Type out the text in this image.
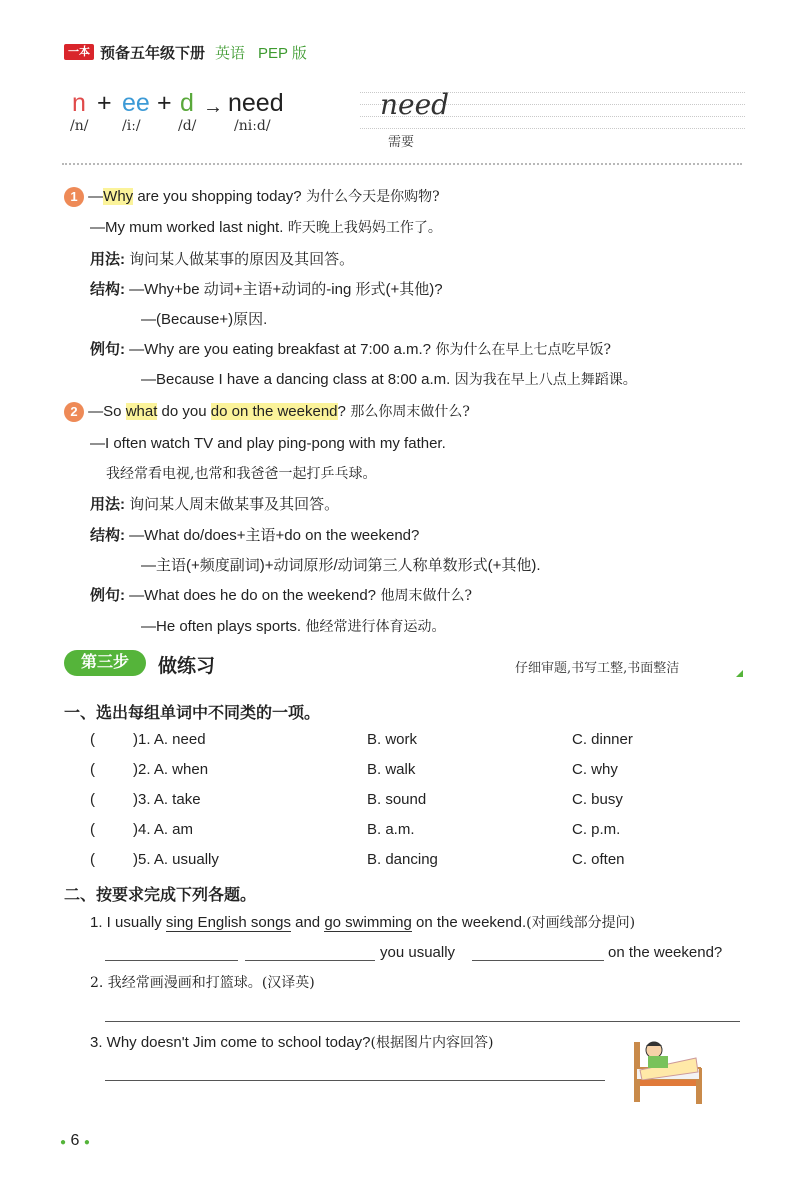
一本 预备五年级下册 英语 PEP 版
n + ee + d → need
/n/ /iː/	/d/	/niːd/
need
需要
1 —Why are you shopping today? 为什么今天是你购物?
—My mum worked last night. 昨天晚上我妈妈工作了。
用法: 询问某人做某事的原因及其回答。
结构: —Why+be 动词+主语+动词的-ing 形式(+其他)?
—(Because+)原因.
例句: —Why are you eating breakfast at 7:00 a.m.? 你为什么在早上七点吃早饭?
—Because I have a dancing class at 8:00 a.m. 因为我在早上八点上舞蹈课。
2 —So what do you do on the weekend? 那么你周末做什么?
—I often watch TV and play ping-pong with my father.
我经常看电视,也常和我爸爸一起打乒乓球。
用法: 询问某人周末做某事及其回答。
结构: —What do/does+主语+do on the weekend?
—主语(+频度副词)+动词原形/动词第三人称单数形式(+其他).
例句: —What does he do on the weekend? 他周末做什么?
—He often plays sports. 他经常进行体育运动。
第三步	做练习	仔细审题,书写工整,书面整洁
一、选出每组单词中不同类的一项。
(	)1. A. need	B. work	C. dinner
(	)2. A. when	B. walk	C. why
(	)3. A. take	B. sound	C. busy
(	)4. A. am	B. a.m.	C. p.m.
(	)5. A. usually	B. dancing	C. often
二、按要求完成下列各题。
1. I usually sing English songs and go swimming on the weekend.(对画线部分提问)
you usually	on the weekend?
2. 我经常画漫画和打篮球。(汉译英)
3. Why doesn't Jim come to school today?(根据图片内容回答)
● 6 ●
